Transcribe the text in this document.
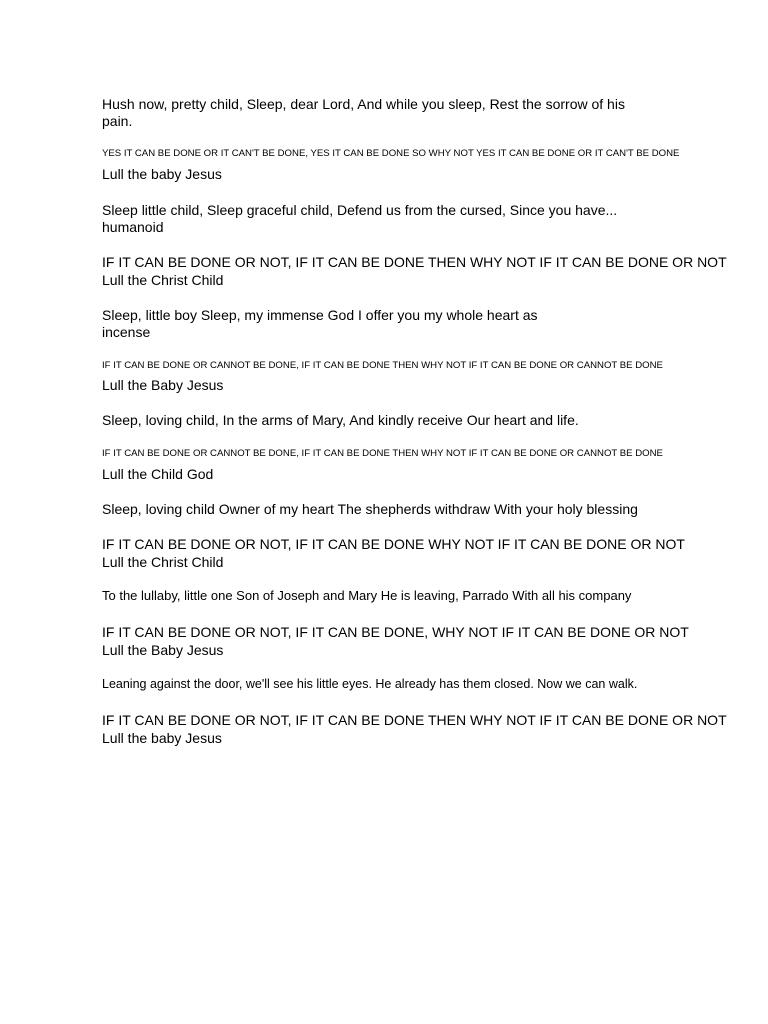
Hush now, pretty child, Sleep, dear Lord, And while you sleep, Rest the sorrow of his pain.
YES IT CAN BE DONE OR IT CAN'T BE DONE, YES IT CAN BE DONE SO WHY NOT YES IT CAN BE DONE OR IT CAN'T BE DONE
Lull the baby Jesus
Sleep little child, Sleep graceful child, Defend us from the cursed, Since you have... humanoid
IF IT CAN BE DONE OR NOT, IF IT CAN BE DONE THEN WHY NOT IF IT CAN BE DONE OR NOT
Lull the Christ Child
Sleep, little boy Sleep, my immense God I offer you my whole heart as incense
IF IT CAN BE DONE OR CANNOT BE DONE, IF IT CAN BE DONE THEN WHY NOT IF IT CAN BE DONE OR CANNOT BE DONE
Lull the Baby Jesus
Sleep, loving child, In the arms of Mary, And kindly receive Our heart and life.
IF IT CAN BE DONE OR CANNOT BE DONE, IF IT CAN BE DONE THEN WHY NOT IF IT CAN BE DONE OR CANNOT BE DONE
Lull the Child God
Sleep, loving child Owner of my heart The shepherds withdraw With your holy blessing
IF IT CAN BE DONE OR NOT, IF IT CAN BE DONE WHY NOT IF IT CAN BE DONE OR NOT
Lull the Christ Child
To the lullaby, little one Son of Joseph and Mary He is leaving, Parrado With all his company
IF IT CAN BE DONE OR NOT, IF IT CAN BE DONE, WHY NOT IF IT CAN BE DONE OR NOT
Lull the Baby Jesus
Leaning against the door, we'll see his little eyes. He already has them closed. Now we can walk.
IF IT CAN BE DONE OR NOT, IF IT CAN BE DONE THEN WHY NOT IF IT CAN BE DONE OR NOT
Lull the baby Jesus
